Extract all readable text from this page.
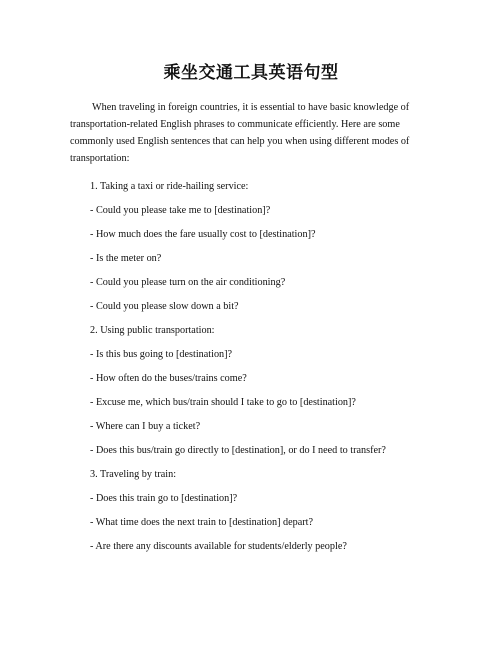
乘坐交通工具英语句型

When traveling in foreign countries, it is essential to have basic knowledge of transportation-related English phrases to communicate efficiently. Here are some commonly used English sentences that can help you when using different modes of transportation:

1. Taking a taxi or ride-hailing service:

- Could you please take me to [destination]?

- How much does the fare usually cost to [destination]?

- Is the meter on?

- Could you please turn on the air conditioning?

- Could you please slow down a bit?

2. Using public transportation:

- Is this bus going to [destination]?

- How often do the buses/trains come?

- Excuse me, which bus/train should I take to go to [destination]?

- Where can I buy a ticket?

- Does this bus/train go directly to [destination], or do I need to transfer?

3. Traveling by train:

- Does this train go to [destination]?

- What time does the next train to [destination] depart?

- Are there any discounts available for students/elderly people?
